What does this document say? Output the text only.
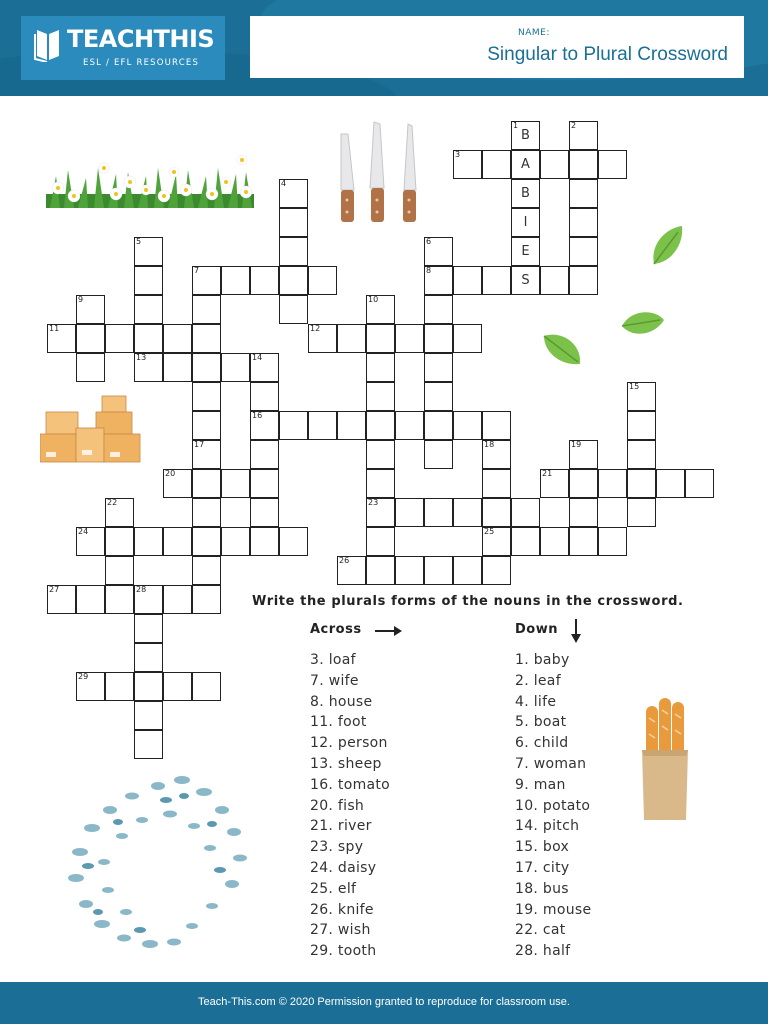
TEACHTHIS
ESL / EFL RESOURCES
NAME:
Singular to Plural Crossword
1
B
A
B
I
E
S
2
3
4
5	6
8
7
9	10
23
11	12
13	14
16
15
17	18
25
19
20	21
22
24
26
27	28
29
Write the plurals forms of the nouns in the crossword.
Across	Down
3. loaf
7. wife
8. house
11. foot
12. person
13. sheep
16. tomato
20. fish
21. river
23. spy
24. daisy
25. elf
26. knife
27. wish
29. tooth
1. baby
2. leaf
4. life
5. boat
6. child
7. woman
9. man
10. potato
14. pitch
15. box
17. city
18. bus
19. mouse
22. cat
28. half
Teach-This.com © 2020 Permission granted to reproduce for classroom use.
